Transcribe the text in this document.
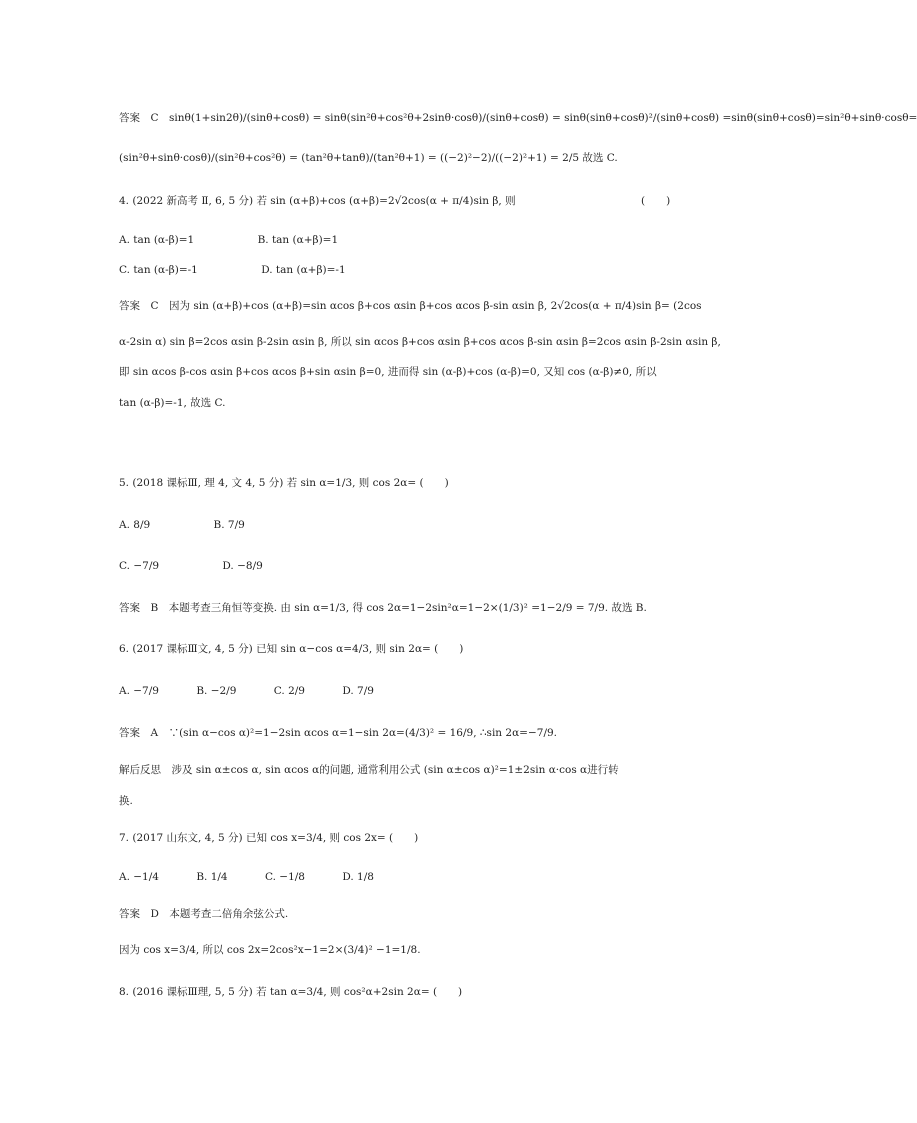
答案　C　sinθ(1+sin2θ)/(sinθ+cosθ) = sinθ(sin²θ+cos²θ+2sinθ·cosθ)/(sinθ+cosθ) = sinθ(sinθ+cosθ)²/(sinθ+cosθ) =sinθ(sinθ+cosθ)=sin²θ+sinθ·cosθ=
(sin²θ+sinθ·cosθ)/(sin²θ+cos²θ) = (tan²θ+tanθ)/(tan²θ+1) = ((−2)²−2)/((−2)²+1) = 2/5 故选 C.
4. (2022 新高考 Ⅱ, 6, 5 分) 若 sin (α+β)+cos (α+β)=2√2cos(α + π/4)sin β, 则	(　　)
A. tan (α-β)=1	B. tan (α+β)=1
C. tan (α-β)=-1	D. tan (α+β)=-1
答案　C　因为 sin (α+β)+cos (α+β)=sin αcos β+cos αsin β+cos αcos β-sin αsin β, 2√2cos(α + π/4)sin β= (2cos
α-2sin α) sin β=2cos αsin β-2sin αsin β, 所以 sin αcos β+cos αsin β+cos αcos β-sin αsin β=2cos αsin β-2sin αsin β,
即 sin αcos β-cos αsin β+cos αcos β+sin αsin β=0, 进而得 sin (α-β)+cos (α-β)=0, 又知 cos (α-β)≠0, 所以
tan (α-β)=-1, 故选 C.
5. (2018 课标Ⅲ, 理 4, 文 4, 5 分) 若 sin α=1/3, 则 cos 2α= (　　)
A. 8/9	B. 7/9
C. −7/9	D. −8/9
答案　B　本题考查三角恒等变换. 由 sin α=1/3, 得 cos 2α=1−2sin²α=1−2×(1/3)² =1−2/9 = 7/9. 故选 B.
6. (2017 课标Ⅲ文, 4, 5 分) 已知 sin α−cos α=4/3, 则 sin 2α= (　　)
A. −7/9	B. −2/9	C. 2/9	D. 7/9
答案　A　∵(sin α−cos α)²=1−2sin αcos α=1−sin 2α=(4/3)² = 16/9, ∴sin 2α=−7/9.
解后反思　涉及 sin α±cos α, sin αcos α的问题, 通常利用公式 (sin α±cos α)²=1±2sin α·cos α进行转
换.
7. (2017 山东文, 4, 5 分) 已知 cos x=3/4, 则 cos 2x= (　　)
A. −1/4	B. 1/4	C. −1/8	D. 1/8
答案　D　本题考查二倍角余弦公式.
因为 cos x=3/4, 所以 cos 2x=2cos²x−1=2×(3/4)² −1=1/8.
8. (2016 课标Ⅲ理, 5, 5 分) 若 tan α=3/4, 则 cos²α+2sin 2α= (　　)
